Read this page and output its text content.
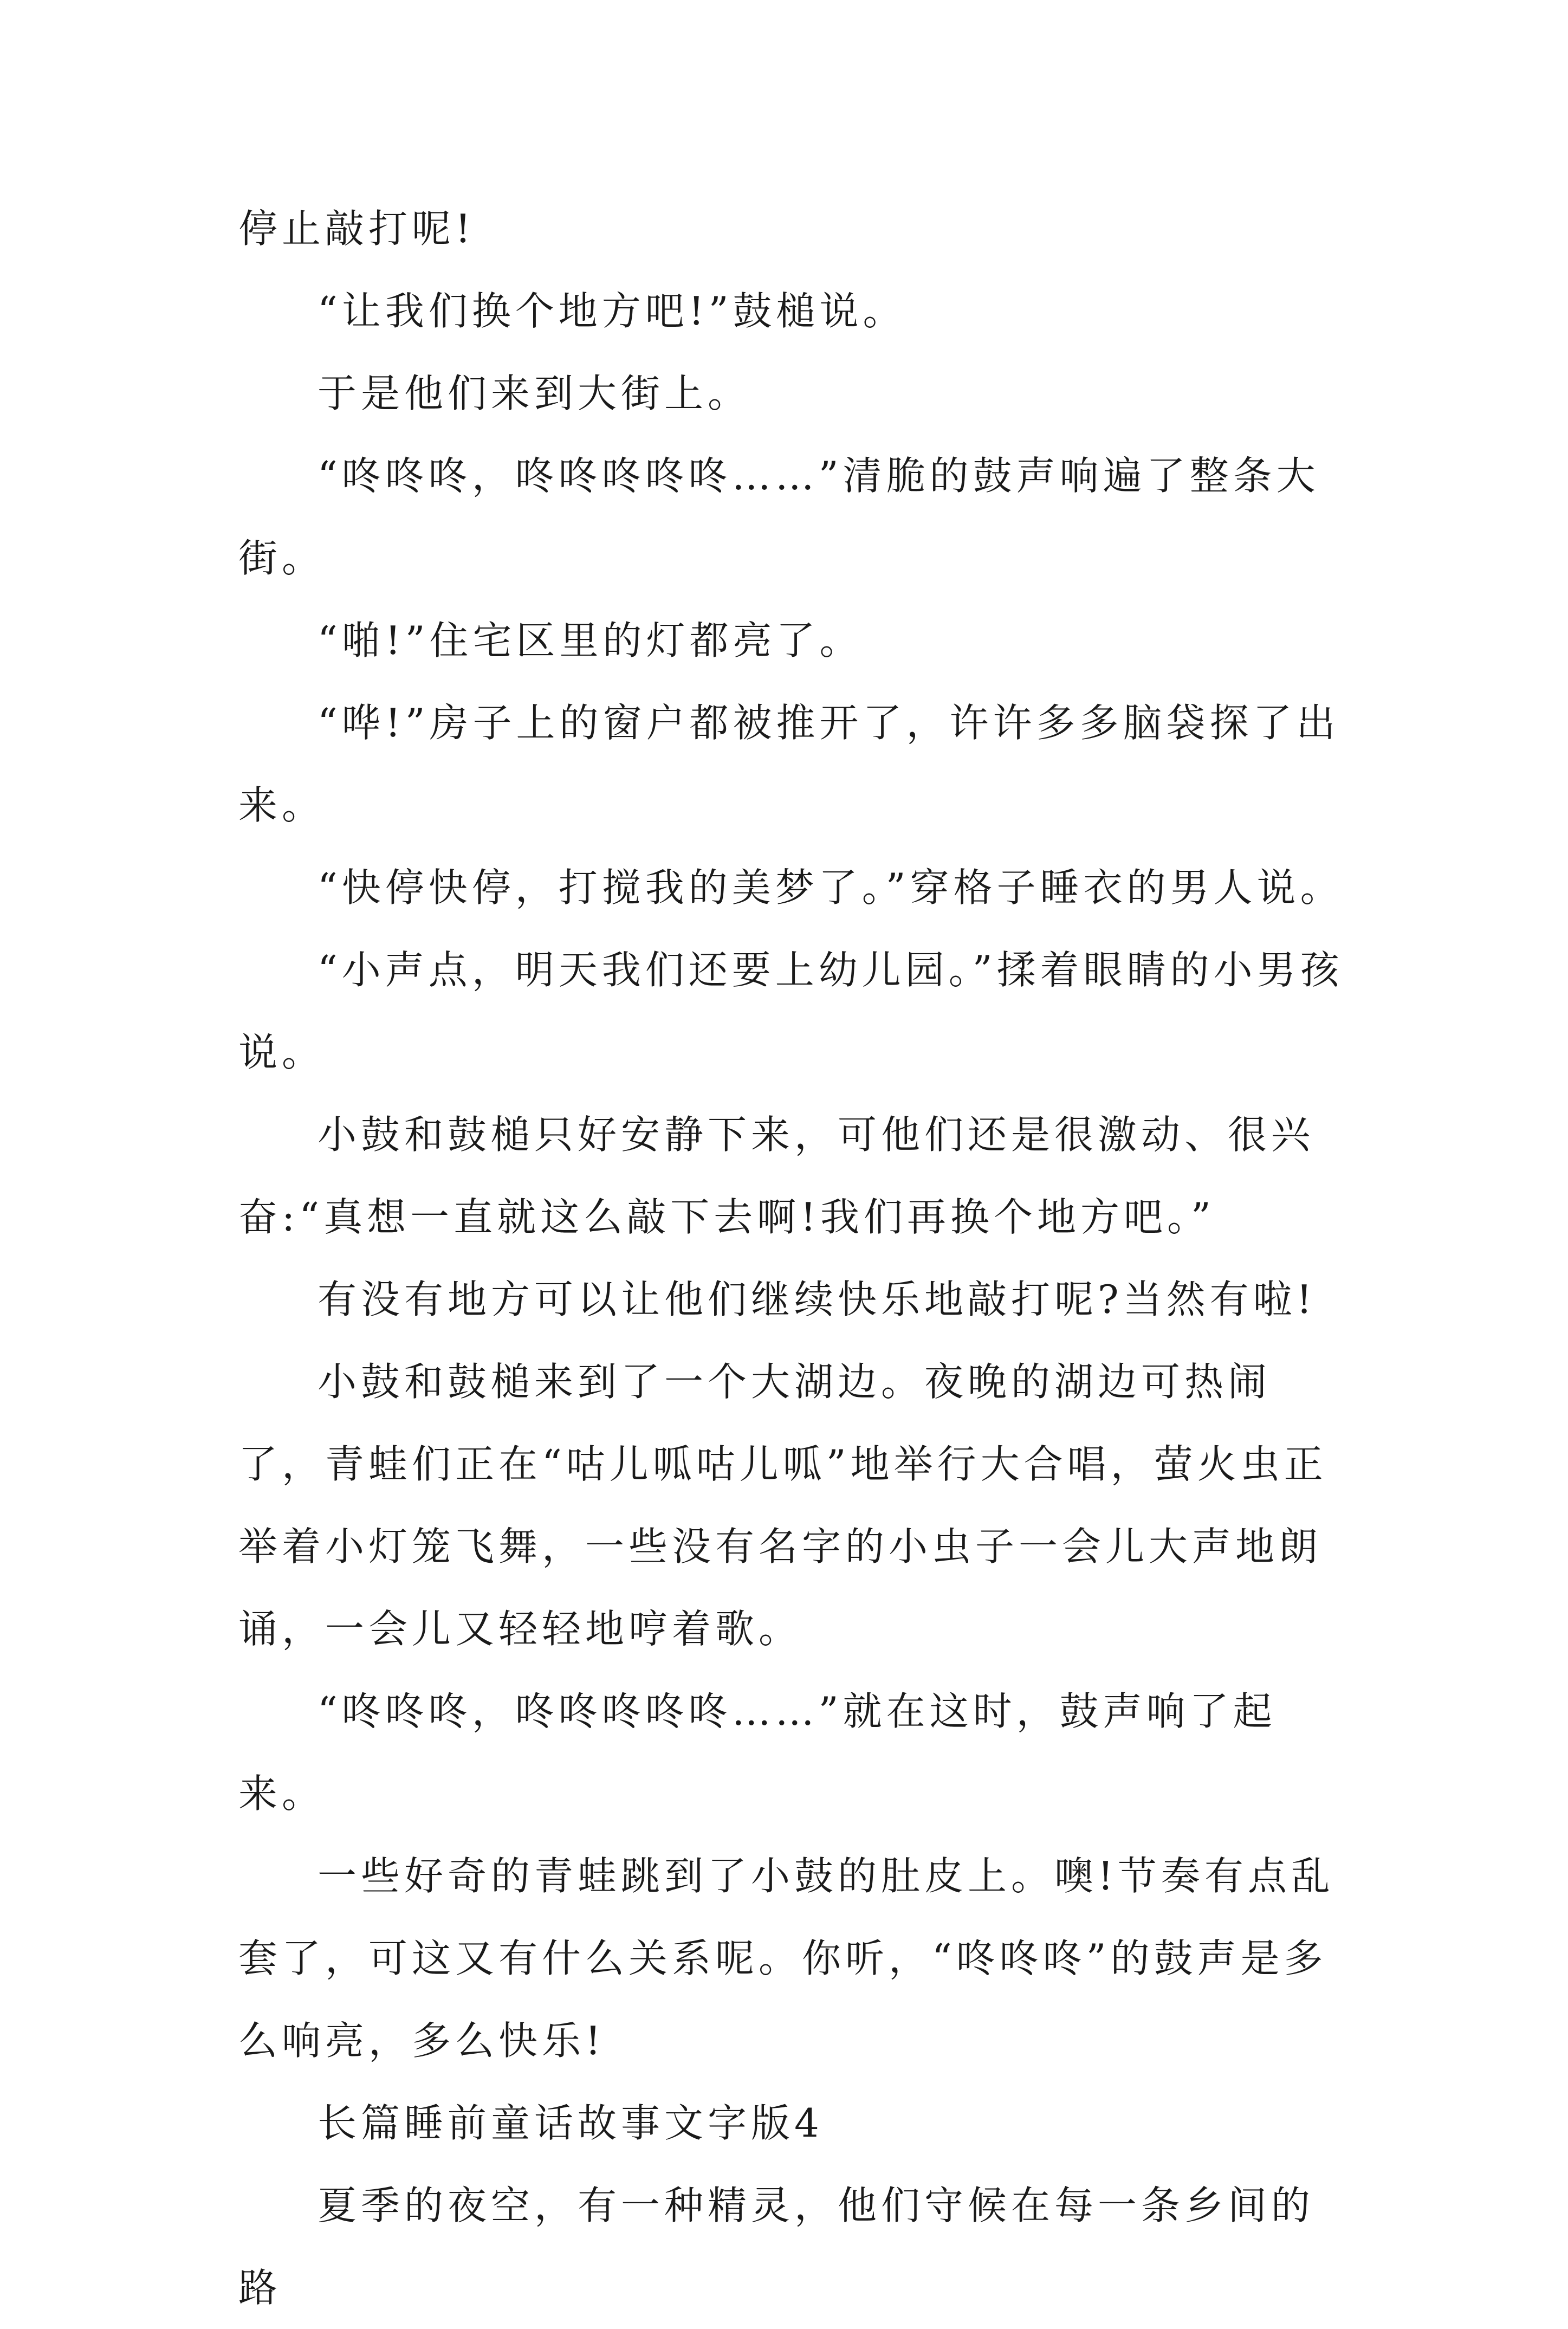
停止敲打呢!

“让我们换个地方吧!”鼓槌说。

于是他们来到大街上。

“咚咚咚，咚咚咚咚咚……”清脆的鼓声响遍了整条大街。

“啪!”住宅区里的灯都亮了。

“哗!”房子上的窗户都被推开了，许许多多脑袋探了出来。

“快停快停，打搅我的美梦了。”穿格子睡衣的男人说。

“小声点，明天我们还要上幼儿园。”揉着眼睛的小男孩说。

小鼓和鼓槌只好安静下来，可他们还是很激动、很兴奋:“真想一直就这么敲下去啊!我们再换个地方吧。”

有没有地方可以让他们继续快乐地敲打呢?当然有啦!

小鼓和鼓槌来到了一个大湖边。夜晚的湖边可热闹了，青蛙们正在“咕儿呱咕儿呱”地举行大合唱，萤火虫正举着小灯笼飞舞，一些没有名字的小虫子一会儿大声地朗诵，一会儿又轻轻地哼着歌。

“咚咚咚，咚咚咚咚咚……”就在这时，鼓声响了起来。

一些好奇的青蛙跳到了小鼓的肚皮上。噢!节奏有点乱套了，可这又有什么关系呢。你听，“咚咚咚”的鼓声是多么响亮，多么快乐!

长篇睡前童话故事文字版4

夏季的夜空，有一种精灵，他们守候在每一条乡间的路
